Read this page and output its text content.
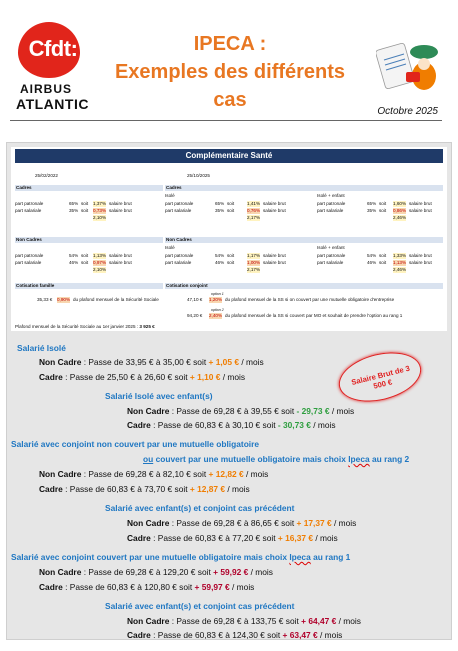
Cfdt:
AIRBUS
ATLANTIC
IPECA :
Exemples des différents
cas
Octobre 2025
Complémentaire Santé
25/02/2022	25/10/2025
Cadres
part patronale	65% soit 1,37% salaire brut
part salariale	35% soit 0,73% salaire brut
2,10%
Non Cadres
part patronale	54% soit 1,13% salaire brut
part salariale	46% soit 0,97% salaire brut
2,10%
Cadres
Isolé	Isolé + enfant
part patronale	65% soit	1,41% salaire brut
part salariale	35% soit	0,76% salaire brut
2,17%
part patronale	65% soit 1,60% salaire brut
part salariale	35% soit 0,86% salaire brut
2,46%
Non Cadres
Isolé	Isolé + enfant
part patronale	54% soit	1,17% salaire brut
part salariale	46% soit	1,00% salaire brut
2,17%
part patronale	54% soit 1,33% salaire brut
part salariale	46% soit 1,13% salaire brut
2,46%
Cotisation famille
35,33 € 0,90% du plafond mensuel de la Sécurité Sociale
Cotisation conjoint
option 1
47,10 € 1,20% du plafond mensuel de la SS si on couvert par une mutuelle obligatoire d'entreprise
option 2
94,20 € 2,40% du plafond mensuel de la SS si couvert par MO et souhait de prendre l'option au rang 1
Plafond mensuel de la Sécurité Sociale au 1er janvier 2025 : 3 925 €
Salarié Isolé
Non Cadre : Passe de 33,95 € à 35,00 € soit + 1,05 € / mois
Cadre : Passe de 25,50 € à 26,60 € soit + 1,10 € / mois
Salarié Isolé avec enfant(s)
Non Cadre : Passe de 69,28 € à 39,55 € soit - 29,73 € / mois
Cadre : Passe de 60,83 € à 30,10 € soit - 30,73 € / mois
Salarié avec conjoint non couvert par une mutuelle obligatoire
ou couvert par une mutuelle obligatoire mais choix Ipeca au rang 2
Non Cadre : Passe de 69,28 € à 82,10 € soit + 12,82 € / mois
Cadre : Passe de 60,83 € à 73,70 € soit + 12,87 € / mois
Salarié avec enfant(s) et conjoint cas précédent
Non Cadre : Passe de 69,28 € à 86,65 € soit + 17,37 € / mois
Cadre : Passe de 60,83 € à 77,20 € soit + 16,37 € / mois
Salarié avec conjoint couvert par une mutuelle obligatoire mais choix Ipeca au rang 1
Non Cadre : Passe de 69,28 € à 129,20 € soit + 59,92 € / mois
Cadre : Passe de 60,83 € à 120,80 € soit + 59,97 € / mois
Salarié avec enfant(s) et conjoint cas précédent
Non Cadre : Passe de 69,28 € à 133,75 € soit + 64,47 € / mois
Cadre : Passe de 60,83 € à 124,30 € soit + 63,47 € / mois
Salaire Brut de 3 500 €
